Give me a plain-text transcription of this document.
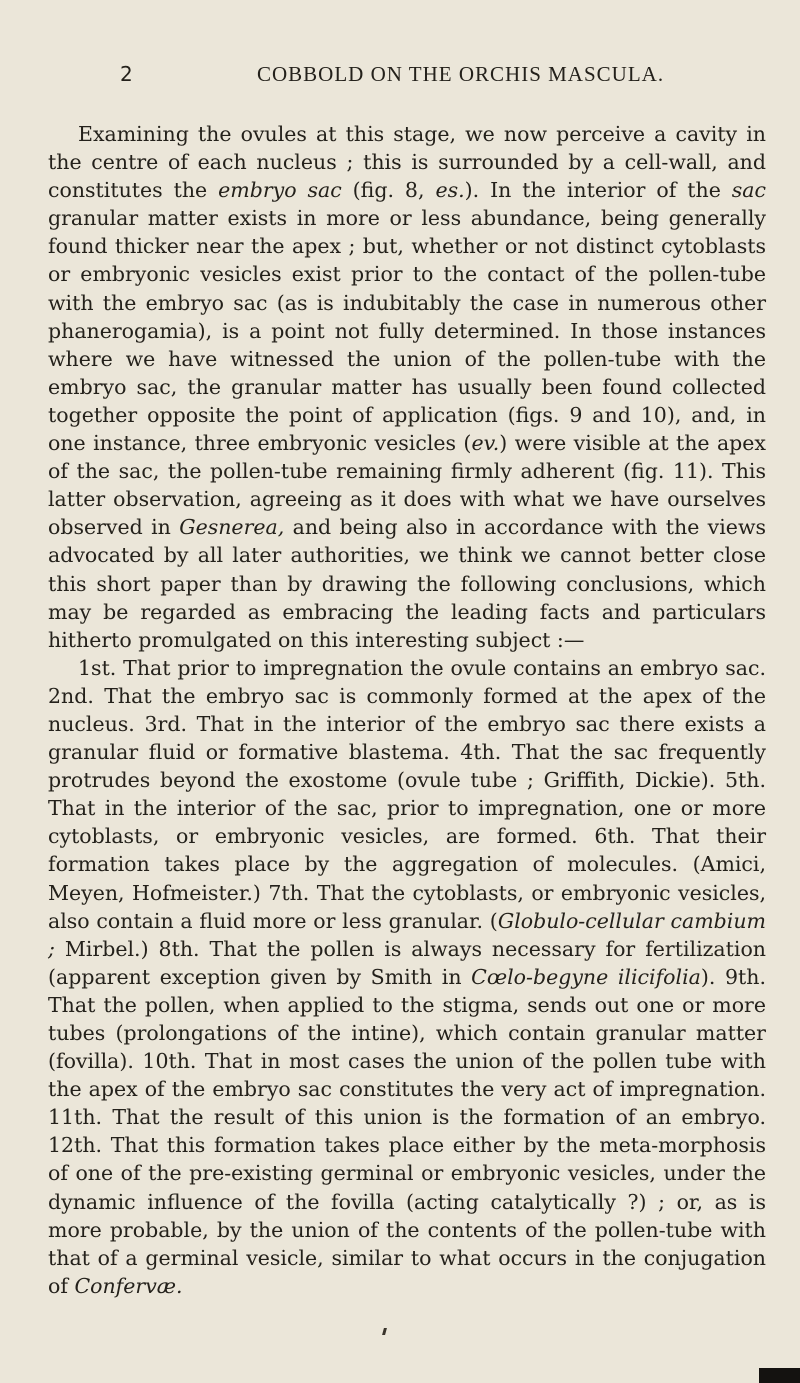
2	COBBOLD ON THE ORCHIS MASCULA.

Examining the ovules at this stage, we now perceive a cavity in the centre of each nucleus ; this is surrounded by a cell-wall, and constitutes the embryo sac (fig. 8, es.). In the interior of the sac granular matter exists in more or less abundance, being generally found thicker near the apex ; but, whether or not distinct cytoblasts or embryonic vesicles exist prior to the contact of the pollen-tube with the embryo sac (as is indubitably the case in numerous other phanerogamia), is a point not fully determined. In those instances where we have witnessed the union of the pollen-tube with the embryo sac, the granular matter has usually been found collected together opposite the point of application (figs. 9 and 10), and, in one instance, three embryonic vesicles (ev.) were visible at the apex of the sac, the pollen-tube remaining firmly adherent (fig. 11). This latter observation, agreeing as it does with what we have ourselves observed in Gesnerea, and being also in accordance with the views advocated by all later authorities, we think we cannot better close this short paper than by drawing the following conclusions, which may be regarded as embracing the leading facts and particulars hitherto promulgated on this interesting subject :—

1st. That prior to impregnation the ovule contains an embryo sac. 2nd. That the embryo sac is commonly formed at the apex of the nucleus. 3rd. That in the interior of the embryo sac there exists a granular fluid or formative blastema. 4th. That the sac frequently protrudes beyond the exostome (ovule tube ; Griffith, Dickie). 5th. That in the interior of the sac, prior to impregnation, one or more cytoblasts, or embryonic vesicles, are formed. 6th. That their formation takes place by the aggregation of molecules. (Amici, Meyen, Hofmeister.) 7th. That the cytoblasts, or embryonic vesicles, also contain a fluid more or less granular. (Globulo-cellular cambium ; Mirbel.) 8th. That the pollen is always necessary for fertilization (apparent exception given by Smith in Cœlo-begyne ilicifolia). 9th. That the pollen, when applied to the stigma, sends out one or more tubes (prolongations of the intine), which contain granular matter (fovilla). 10th. That in most cases the union of the pollen tube with the apex of the embryo sac constitutes the very act of impregnation. 11th. That the result of this union is the formation of an embryo. 12th. That this formation takes place either by the meta-morphosis of one of the pre-existing germinal or embryonic vesicles, under the dynamic influence of the fovilla (acting catalytically ?) ; or, as is more probable, by the union of the contents of the pollen-tube with that of a germinal vesicle, similar to what occurs in the conjugation of Confervæ.
